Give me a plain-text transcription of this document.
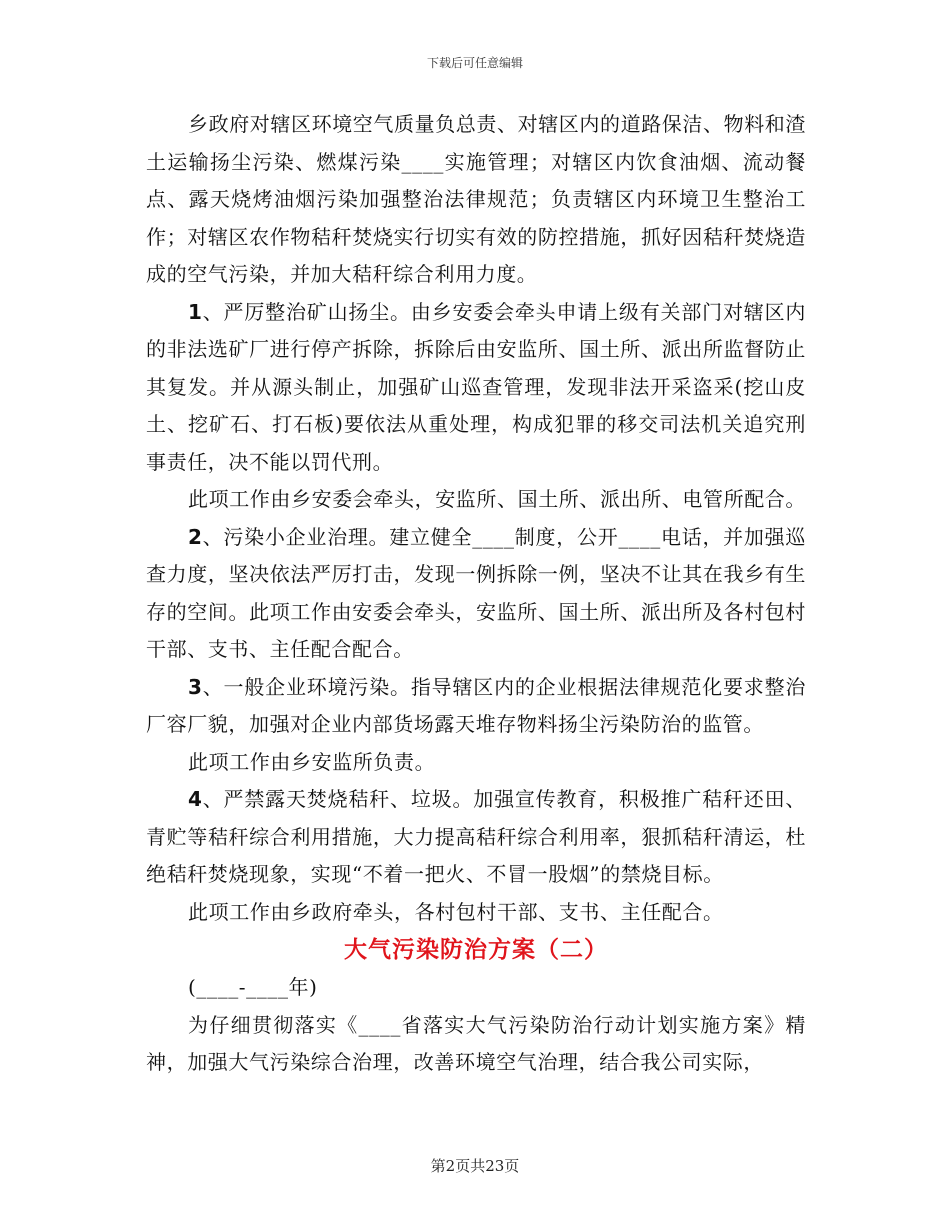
下载后可任意编辑

乡政府对辖区环境空气质量负总责、对辖区内的道路保洁、物料和渣土运输扬尘污染、燃煤污染____实施管理；对辖区内饮食油烟、流动餐点、露天烧烤油烟污染加强整治法律规范；负责辖区内环境卫生整治工作；对辖区农作物秸秆焚烧实行切实有效的防控措施，抓好因秸秆焚烧造成的空气污染，并加大秸秆综合利用力度。

1、严厉整治矿山扬尘。由乡安委会牵头申请上级有关部门对辖区内的非法选矿厂进行停产拆除，拆除后由安监所、国土所、派出所监督防止其复发。并从源头制止，加强矿山巡查管理，发现非法开采盗采(挖山皮土、挖矿石、打石板)要依法从重处理，构成犯罪的移交司法机关追究刑事责任，决不能以罚代刑。

此项工作由乡安委会牵头，安监所、国土所、派出所、电管所配合。

2、污染小企业治理。建立健全____制度，公开____电话，并加强巡查力度，坚决依法严厉打击，发现一例拆除一例，坚决不让其在我乡有生存的空间。此项工作由安委会牵头，安监所、国土所、派出所及各村包村干部、支书、主任配合配合。

3、一般企业环境污染。指导辖区内的企业根据法律规范化要求整治厂容厂貌，加强对企业内部货场露天堆存物料扬尘污染防治的监管。

此项工作由乡安监所负责。

4、严禁露天焚烧秸秆、垃圾。加强宣传教育，积极推广秸秆还田、青贮等秸秆综合利用措施，大力提高秸秆综合利用率，狠抓秸秆清运，杜绝秸秆焚烧现象，实现“不着一把火、不冒一股烟”的禁烧目标。

此项工作由乡政府牵头，各村包村干部、支书、主任配合。

大气污染防治方案（二）

(____-____年)

为仔细贯彻落实《____省落实大气污染防治行动计划实施方案》精神，加强大气污染综合治理，改善环境空气治理，结合我公司实际，

第2页共23页
